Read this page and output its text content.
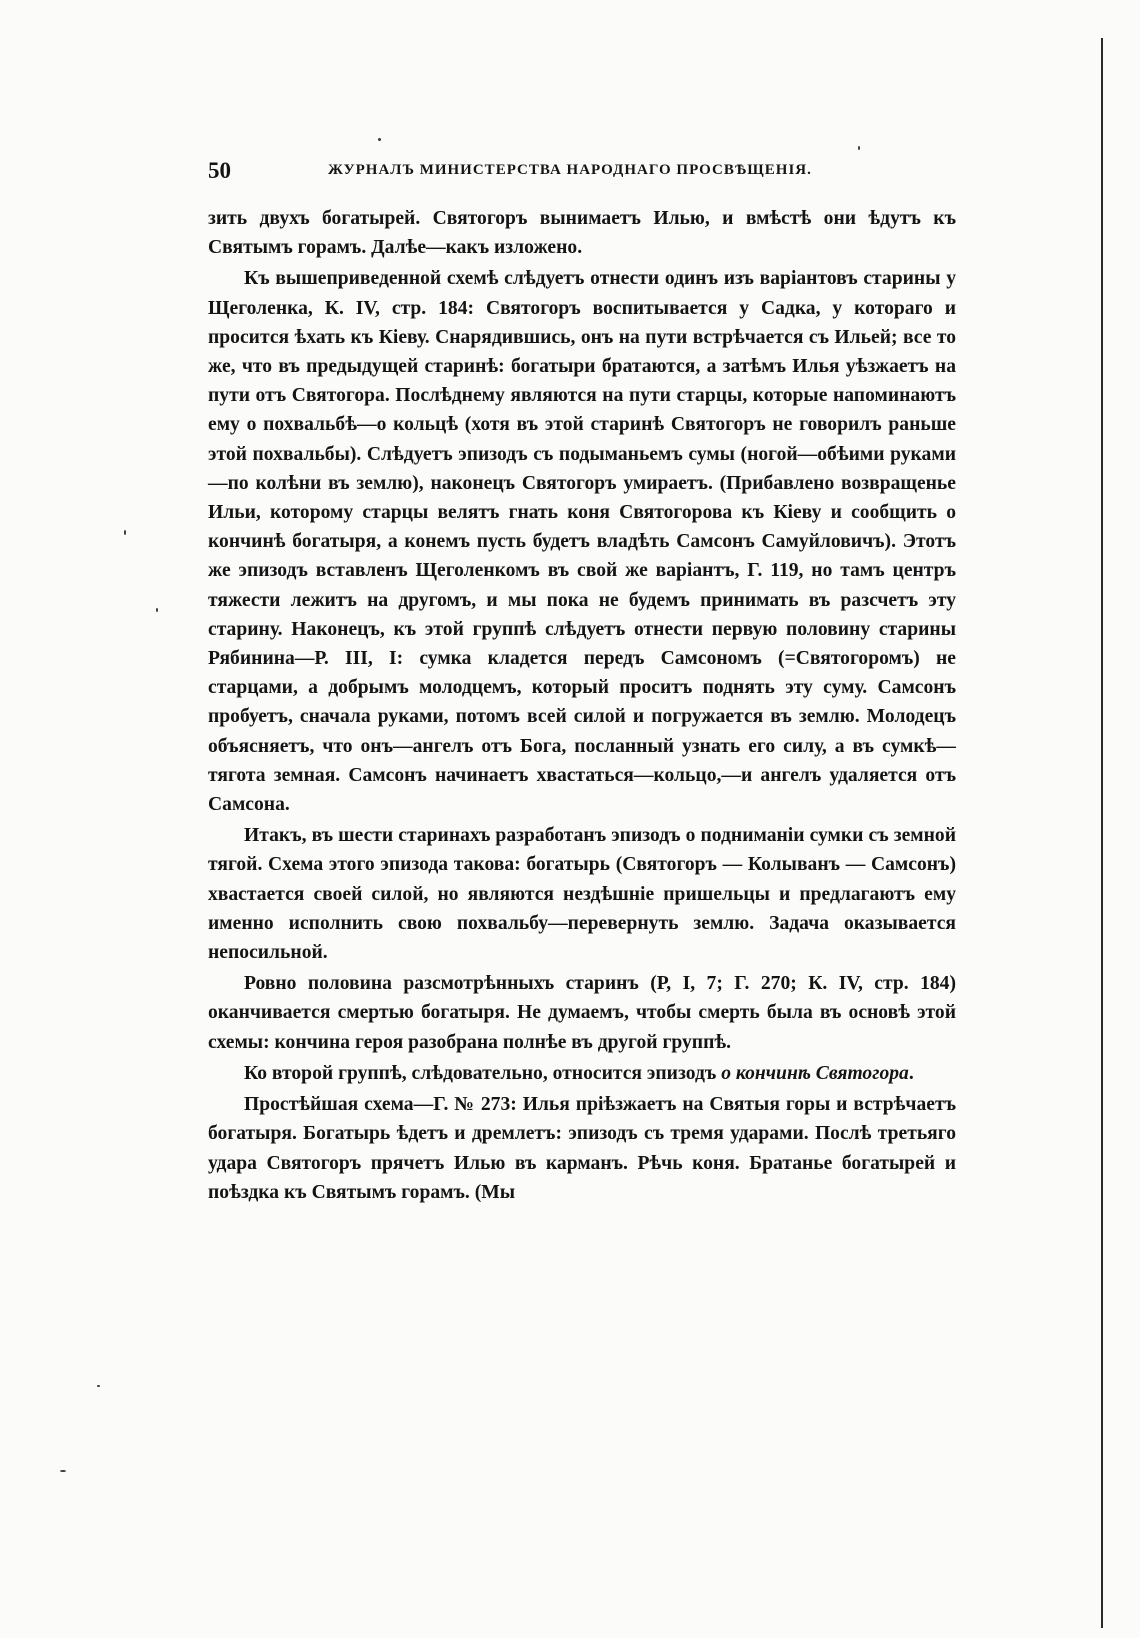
50	ЖУРНАЛЪ МИНИСТЕРСТВА НАРОДНАГО ПРОСВѢЩЕНІЯ.

зить двухъ богатырей. Святогоръ вынимаетъ Илью, и вмѣстѣ они ѣдутъ къ Святымъ горамъ. Далѣе—какъ изложено.

Къ вышеприведенной схемѣ слѣдуетъ отнести одинъ изъ варіантовъ старины у Щеголенка, К. IV, стр. 184: Святогоръ воспитывается у Садка, у котораго и просится ѣхать къ Кіеву. Снарядившись, онъ на пути встрѣчается съ Ильей; все то же, что въ предыдущей старинѣ: богатыри братаются, а затѣмъ Илья уѣзжаетъ на пути отъ Святогора. Послѣднему являются на пути старцы, которые напоминаютъ ему о похвальбѣ—о кольцѣ (хотя въ этой старинѣ Святогоръ не говорилъ раньше этой похвальбы). Слѣдуетъ эпизодъ съ подыманьемъ сумы (ногой—обѣими руками—по колѣни въ землю), наконецъ Святогоръ умираетъ. (Прибавлено возвращенье Ильи, которому старцы велятъ гнать коня Святогорова къ Кіеву и сообщить о кончинѣ богатыря, а конемъ пусть будетъ владѣть Самсонъ Самуйловичъ). Этотъ же эпизодъ вставленъ Щеголенкомъ въ свой же варіантъ, Г. 119, но тамъ центръ тяжести лежитъ на другомъ, и мы пока не будемъ принимать въ разсчетъ эту старину. Наконецъ, къ этой группѣ слѣдуетъ отнести первую половину старины Рябинина—Р. III, I: сумка кладется передъ Самсономъ (=Святогоромъ) не старцами, а добрымъ молодцемъ, который проситъ поднять эту суму. Самсонъ пробуетъ, сначала руками, потомъ всей силой и погружается въ землю. Молодецъ объясняетъ, что онъ—ангелъ отъ Бога, посланный узнать его силу, а въ сумкѣ—тягота земная. Самсонъ начинаетъ хвастаться—кольцо,—и ангелъ удаляется отъ Самсона.

Итакъ, въ шести старинахъ разработанъ эпизодъ о подниманіи сумки съ земной тягой. Схема этого эпизода такова: богатырь (Святогоръ — Колыванъ — Самсонъ) хвастается своей силой, но являются нездѣшніе пришельцы и предлагаютъ ему именно исполнить свою похвальбу—перевернуть землю. Задача оказывается непосильной.

Ровно половина разсмотрѣнныхъ старинъ (Р, I, 7; Г. 270; К. IV, стр. 184) оканчивается смертью богатыря. Не думаемъ, чтобы смерть была въ основѣ этой схемы: кончина героя разобрана полнѣе въ другой группѣ.

Ко второй группѣ, слѣдовательно, относится эпизодъ о кончинѣ Святогора.

Простѣйшая схема—Г. № 273: Илья пріѣзжаетъ на Святыя горы и встрѣчаетъ богатыря. Богатырь ѣдетъ и дремлетъ: эпизодъ съ тремя ударами. Послѣ третьяго удара Святогоръ прячетъ Илью въ карманъ. Рѣчь коня. Братанье богатырей и поѣздка къ Святымъ горамъ. (Мы
